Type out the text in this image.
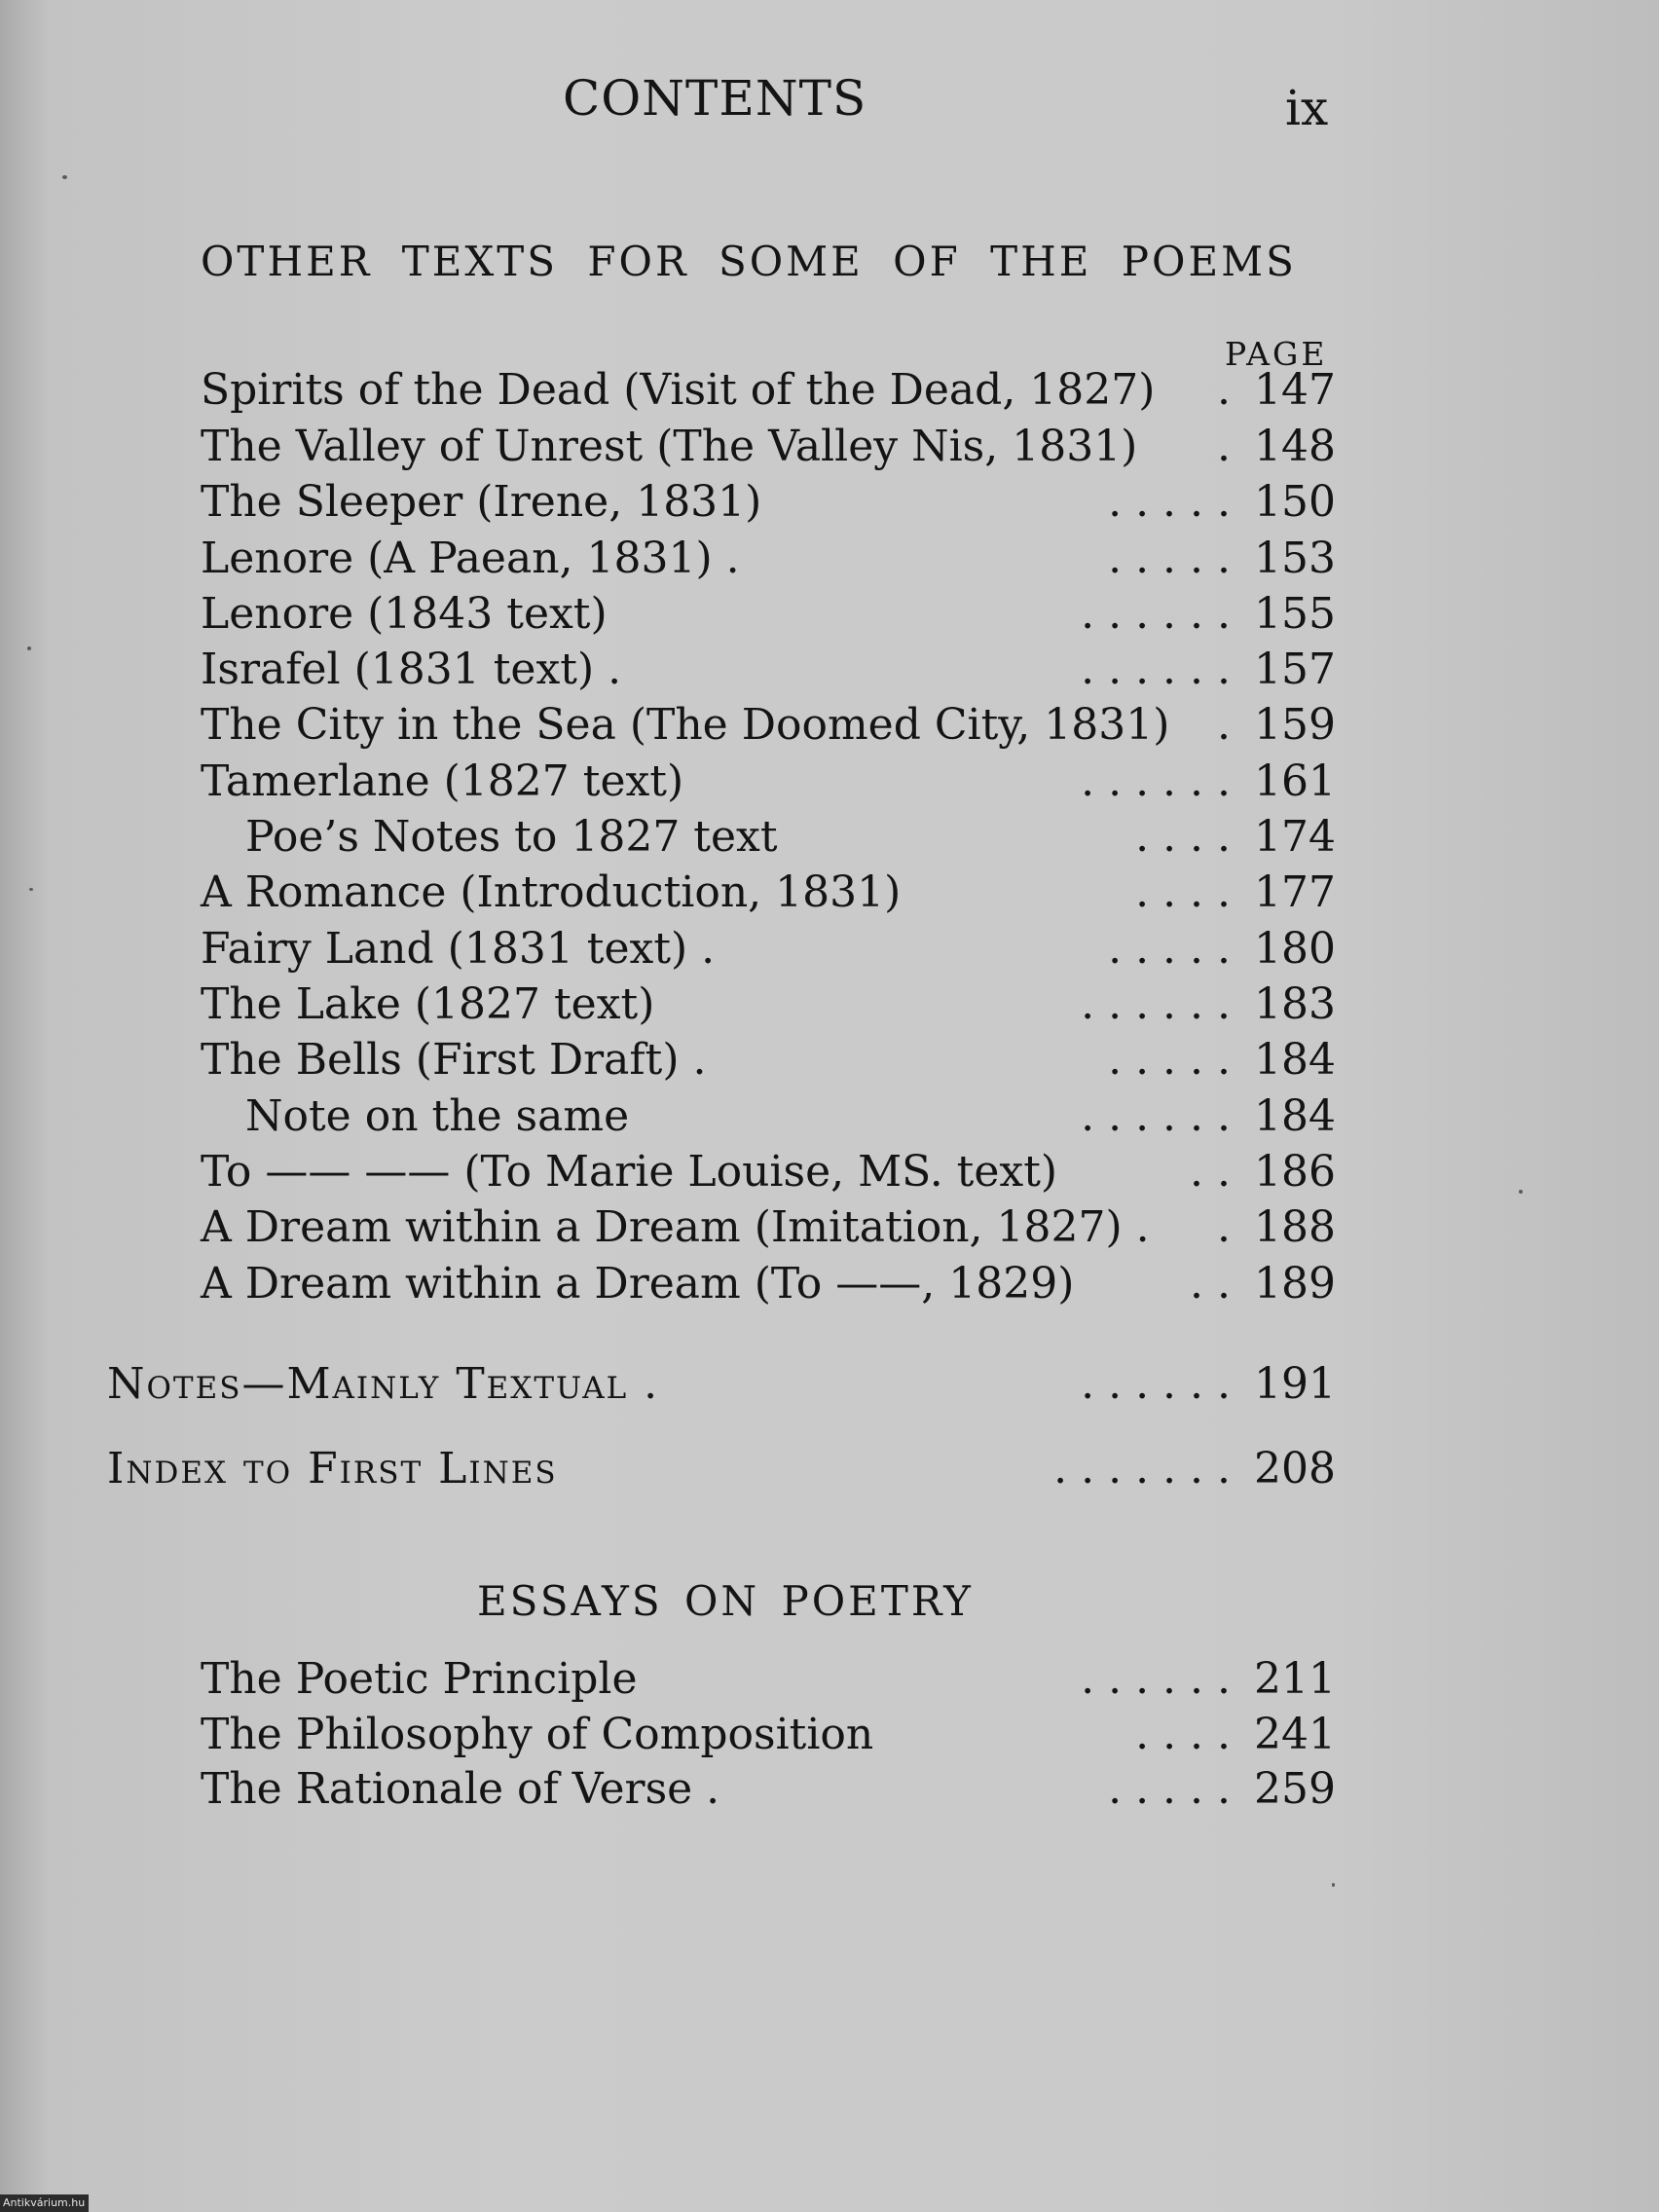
CONTENTS	ix
OTHER TEXTS FOR SOME OF THE POEMS
PAGE
Spirits of the Dead (Visit of the Dead, 1827) . 147
The Valley of Unrest (The Valley Nis, 1831) . 148
The Sleeper (Irene, 1831)	. . . . . 150
Lenore (A Paean, 1831) .	. . . . . 153
Lenore (1843 text)	. . . . . . 155
Israfel (1831 text) .	. . . . . . 157
The City in the Sea (The Doomed City, 1831) . 159
Tamerlane (1827 text)	. . . . . . 161
Poe’s Notes to 1827 text	. . . . 174
A Romance (Introduction, 1831)	. . . . 177
Fairy Land (1831 text) .	. . . . . 180
The Lake (1827 text)	. . . . . . 183
The Bells (First Draft) .	. . . . . 184
Note on the same	. . . . . . 184
To —— —— (To Marie Louise, MS. text)	. . 186
A Dream within a Dream (Imitation, 1827) . . 188
A Dream within a Dream (To ——, 1829)	. . 189
Notes—Mainly Textual .	. . . . . . 191
Index to First Lines	. . . . . . . 208
ESSAYS ON POETRY
The Poetic Principle	. . . . . . 211
The Philosophy of Composition	. . . . 241
The Rationale of Verse .	. . . . . 259
Antikvárium.hu
